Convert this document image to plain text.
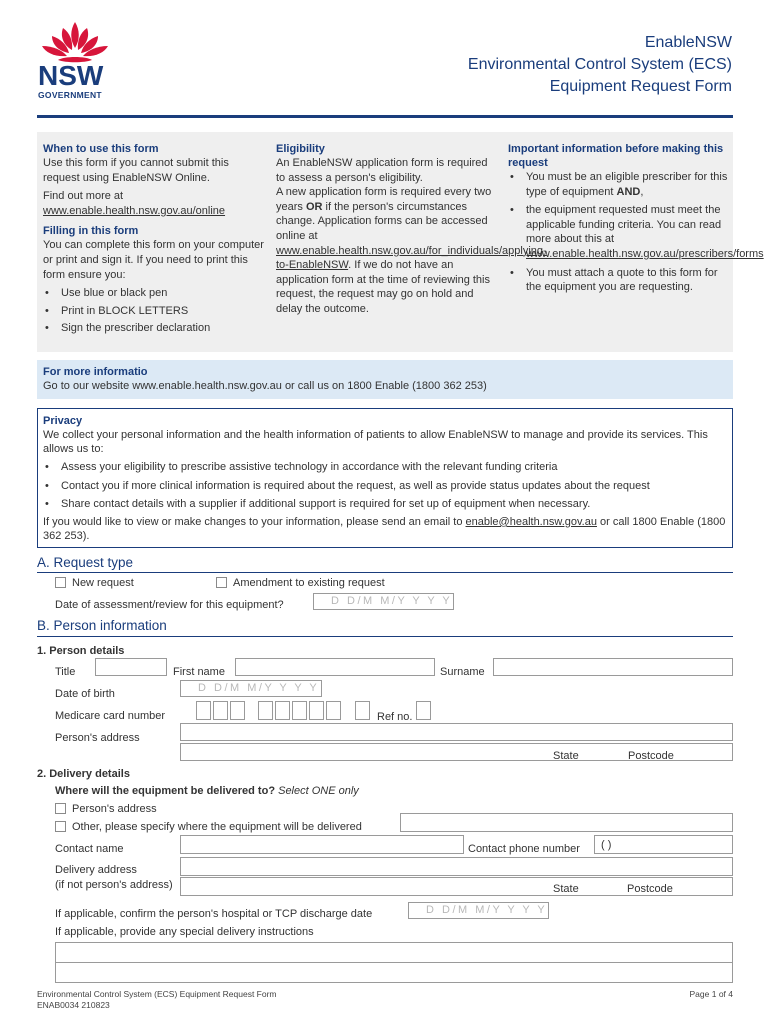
NSW
GOVERNMENT
EnableNSW
Environmental Control System (ECS)
Equipment Request Form
When to use this form
Use this form if you cannot submit this request using EnableNSW Online.
Find out more at www.enable.health.nsw.gov.au/online
Filling in this form
You can complete this form on your computer or print and sign it. If you need to print this form ensure you:
• Use blue or black pen
• Print in BLOCK LETTERS
• Sign the prescriber declaration
Eligibility
An EnableNSW application form is required to assess a person's eligibility.
A new application form is required every two years OR if the person's circumstances change. Application forms can be accessed online at www.enable.health.nsw.gov.au/for_individuals/applying-to-EnableNSW. If we do not have an application form at the time of reviewing this request, the request may go on hold and delay the outcome.
Important information before making this request
• You must be an eligible prescriber for this type of equipment AND,
• the equipment requested must meet the applicable funding criteria. You can read more about this at www.enable.health.nsw.gov.au/prescribers/forms
• You must attach a quote to this form for the equipment you are requesting.
For more informatio
Go to our website www.enable.health.nsw.gov.au or call us on 1800 Enable (1800 362 253)
Privacy
We collect your personal information and the health information of patients to allow EnableNSW to manage and provide its services. This allows us to:
• Assess your eligibility to prescribe assistive technology in accordance with the relevant funding criteria
• Contact you if more clinical information is required about the request, as well as provide status updates about the request
• Share contact details with a supplier if additional support is required for set up of equipment when necessary.
If you would like to view or make changes to your information, please send an email to enable@health.nsw.gov.au or call 1800 Enable (1800 362 253).
A. Request type
New request	Amendment to existing request
Date of assessment/review for this equipment?	D D/M M/Y Y Y Y
B. Person information
1. Person details
Title	First name	Surname
Date of birth	D D/M M/Y Y Y Y
Medicare card number	Ref no.
Person's address
State	Postcode
2. Delivery details
Where will the equipment be delivered to? Select ONE only
Person's address
Other, please specify where the equipment will be delivered
Contact name	Contact phone number ( )
Delivery address
(if not person's address)	State	Postcode
If applicable, confirm the person's hospital or TCP discharge date	D D/M M/Y Y Y Y
If applicable, provide any special delivery instructions
Environmental Control System (ECS) Equipment Request Form
ENAB0034 210823
Page 1 of 4
